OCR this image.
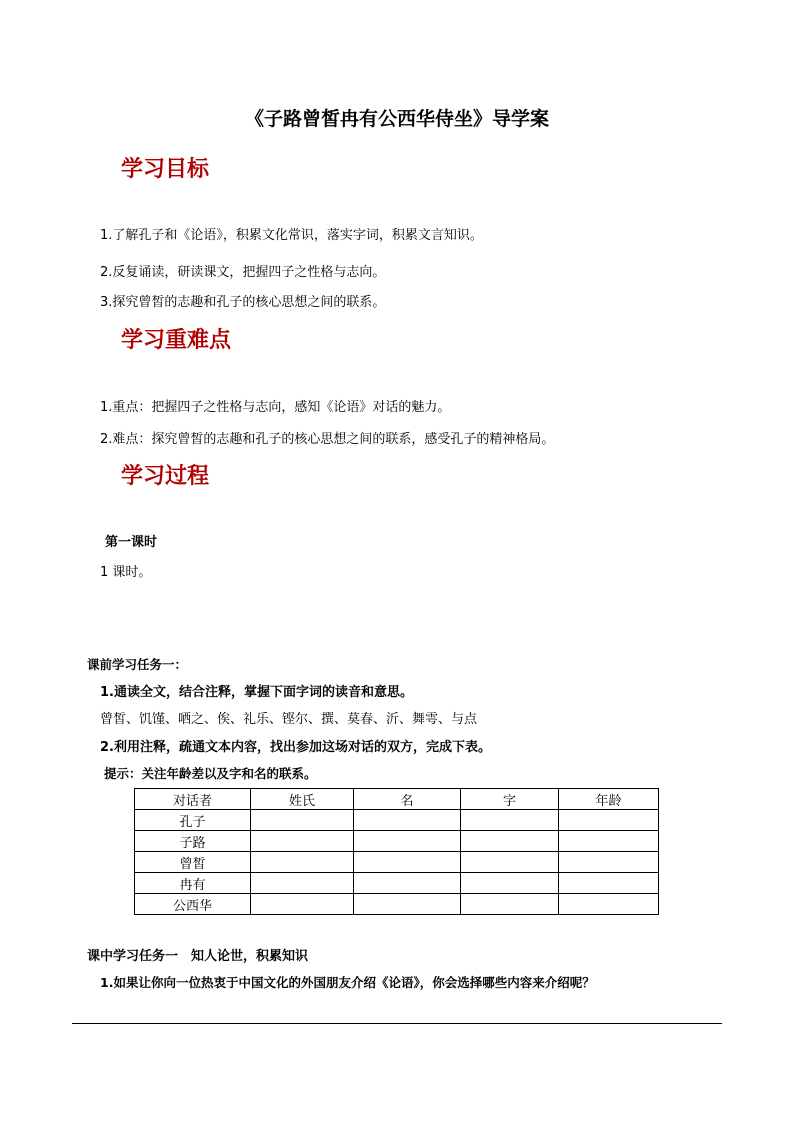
《子路曾皙冉有公西华侍坐》导学案
学习目标
1.了解孔子和《论语》，积累文化常识，落实字词，积累文言知识。
2.反复诵读，研读课文，把握四子之性格与志向。
3.探究曾皙的志趣和孔子的核心思想之间的联系。
学习重难点
1.重点：把握四子之性格与志向，感知《论语》对话的魅力。
2.难点：探究曾皙的志趣和孔子的核心思想之间的联系，感受孔子的精神格局。
学习过程
第一课时
1 课时。
课前学习任务一：
1.通读全文，结合注释，掌握下面字词的读音和意思。
曾皙、饥馑、哂之、俟、礼乐、铿尔、撰、莫春、沂、舞雩、与点
2.利用注释，疏通文本内容，找出参加这场对话的双方，完成下表。
提示：关注年龄差以及字和名的联系。
对话者	姓氏	名	字	年龄
孔子				
子路				
曾皙				
冉有				
公西华				
课中学习任务一　知人论世，积累知识
1.如果让你向一位热衷于中国文化的外国朋友介绍《论语》，你会选择哪些内容来介绍呢？
